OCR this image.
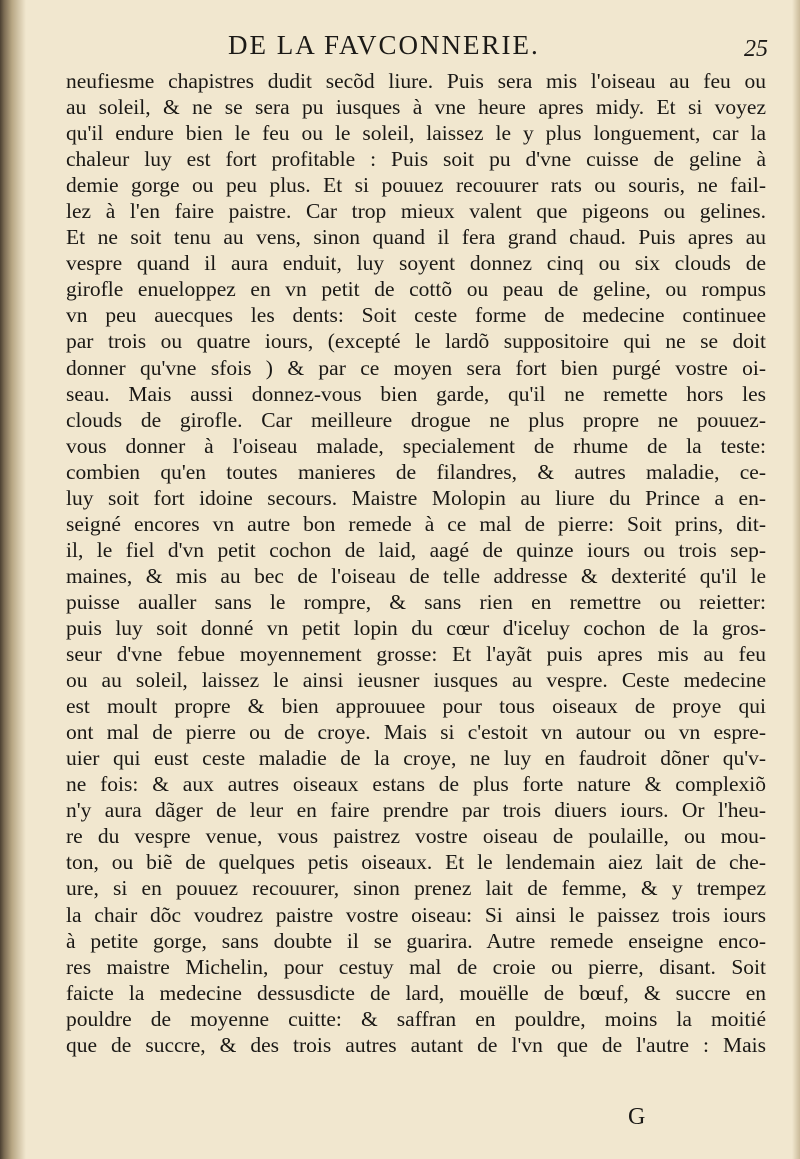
DE LA FAVCONNERIE.	25
neufiesme chapistres dudit secõd liure. Puis sera mis l'oiseau au feu ou
au soleil, & ne se sera pu iusques à vne heure apres midy. Et si voyez
qu'il endure bien le feu ou le soleil, laissez le y plus longuement, car la
chaleur luy est fort profitable : Puis soit pu d'vne cuisse de geline à
demie gorge ou peu plus. Et si pouuez recouurer rats ou souris, ne fail-
lez à l'en faire paistre. Car trop mieux valent que pigeons ou gelines.
Et ne soit tenu au vens, sinon quand il fera grand chaud. Puis apres au
vespre quand il aura enduit, luy soyent donnez cinq ou six clouds de
girofle enueloppez en vn petit de cottõ ou peau de geline, ou rompus
vn peu auecques les dents: Soit ceste forme de medecine continuee
par trois ou quatre iours, (excepté le lardõ suppositoire qui ne se doit
donner qu'vne sfois ) & par ce moyen sera fort bien purgé vostre oi-
seau. Mais aussi donnez-vous bien garde, qu'il ne remette hors les
clouds de girofle. Car meilleure drogue ne plus propre ne pouuez-
vous donner à l'oiseau malade, specialement de rhume de la teste:
combien qu'en toutes manieres de filandres, & autres maladie, ce-
luy soit fort idoine secours. Maistre Molopin au liure du Prince a en-
seigné encores vn autre bon remede à ce mal de pierre: Soit prins, dit-
il, le fiel d'vn petit cochon de laid, aagé de quinze iours ou trois sep-
maines, & mis au bec de l'oiseau de telle addresse & dexterité qu'il le
puisse aualler sans le rompre, & sans rien en remettre ou reietter:
puis luy soit donné vn petit lopin du cœur d'iceluy cochon de la gros-
seur d'vne febue moyennement grosse: Et l'ayãt puis apres mis au feu
ou au soleil, laissez le ainsi ieusner iusques au vespre. Ceste medecine
est moult propre & bien approuuee pour tous oiseaux de proye qui
ont mal de pierre ou de croye. Mais si c'estoit vn autour ou vn espre-
uier qui eust ceste maladie de la croye, ne luy en faudroit dõner qu'v-
ne fois: & aux autres oiseaux estans de plus forte nature & complexiõ
n'y aura dãger de leur en faire prendre par trois diuers iours. Or l'heu-
re du vespre venue, vous paistrez vostre oiseau de poulaille, ou mou-
ton, ou biẽ de quelques petis oiseaux. Et le lendemain aiez lait de che-
ure, si en pouuez recouurer, sinon prenez lait de femme, & y trempez
la chair dõc voudrez paistre vostre oiseau: Si ainsi le paissez trois iours
à petite gorge, sans doubte il se guarira. Autre remede enseigne enco-
res maistre Michelin, pour cestuy mal de croie ou pierre, disant. Soit
faicte la medecine dessusdicte de lard, mouëlle de bœuf, & succre en
pouldre de moyenne cuitte: & saffran en pouldre, moins la moitié
que de succre, & des trois autres autant de l'vn que de l'autre : Mais
G
